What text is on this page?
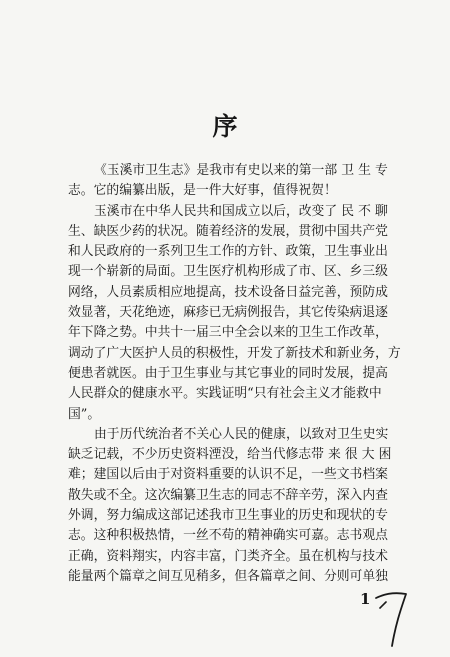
序
《玉溪市卫生志》是我市有史以来的第一部 卫 生 专
志。它的编纂出版，是一件大好事，值得祝贺！
玉溪市在中华人民共和国成立以后，改变了 民 不 聊
生、缺医少药的状况。随着经济的发展，贯彻中国共产党
和人民政府的一系列卫生工作的方针、政策，卫生事业出
现一个崭新的局面。卫生医疗机构形成了市、区、乡三级
网络，人员素质相应地提高，技术设备日益完善，预防成
效显著，天花绝迹，麻疹已无病例报告，其它传染病退逐
年下降之势。中共十一届三中全会以来的卫生工作改革，
调动了广大医护人员的积极性，开发了新技术和新业务，方
便患者就医。由于卫生事业与其它事业的同时发展，提高
人民群众的健康水平。实践证明“只有社会主义才能救中
国”。
由于历代统治者不关心人民的健康，以致对卫生史实
缺乏记载，不少历史资料湮没，给当代修志带 来 很 大 困
难；建国以后由于对资料重要的认识不足，一些文书档案
散失或不全。这次编纂卫生志的同志不辞辛劳，深入内查
外调，努力编成这部记述我市卫生事业的历史和现状的专
志。这种积极热情，一丝不苟的精神确实可嘉。志书观点
正确，资料翔实，内容丰富，门类齐全。虽在机构与技术
能量两个篇章之间互见稍多，但各篇章之间、分则可单独
1
